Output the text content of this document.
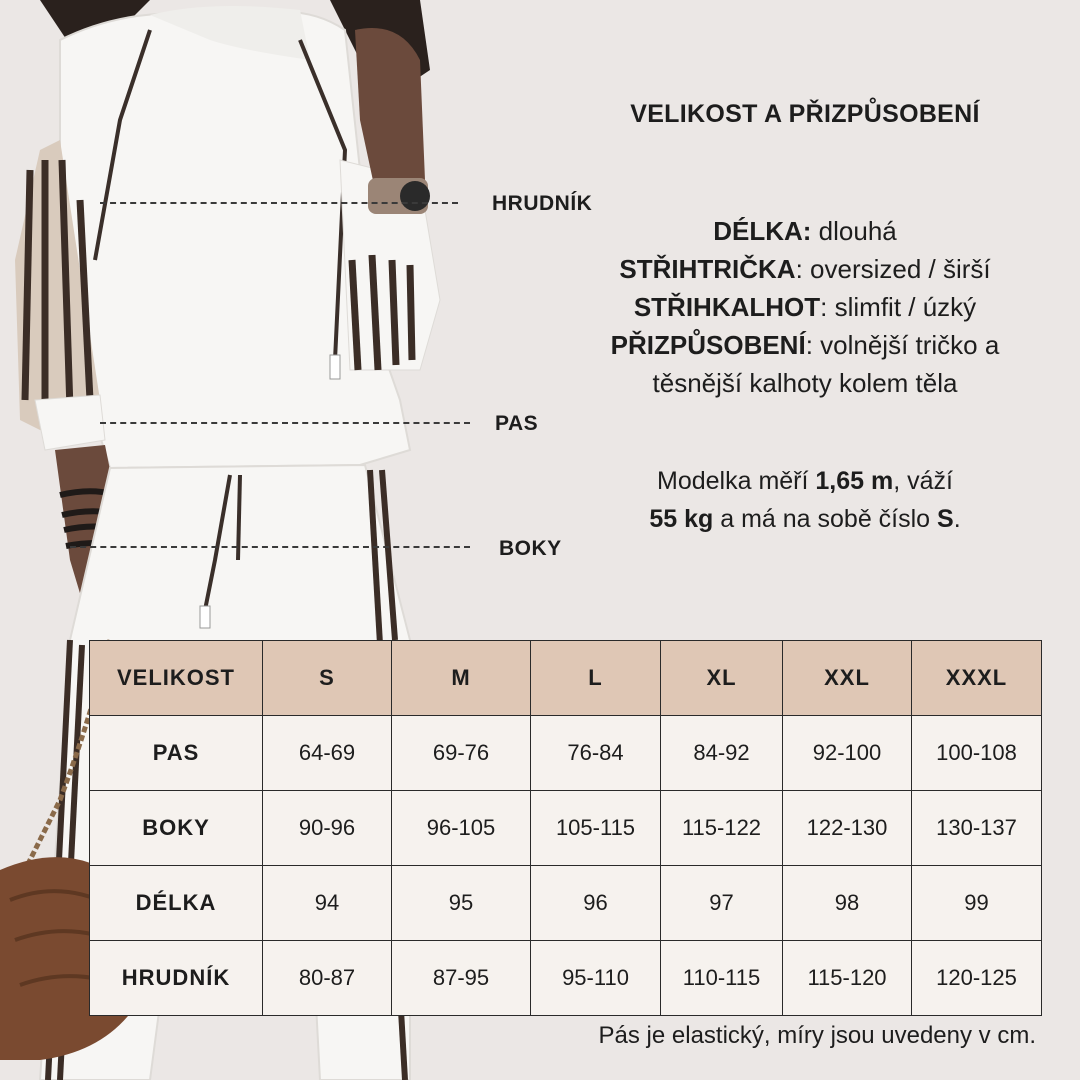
HRUDNÍK
PAS
BOKY
VELIKOST A PŘIZPŮSOBENÍ
DÉLKA: dlouhá
STŘIHTRIČKA: oversized / širší
STŘIHKALHOT: slimfit / úzký
PŘIZPŮSOBENÍ: volnější tričko a
těsnější kalhoty kolem těla
Modelka měří 1,65 m, váží
55 kg a má na sobě číslo S.
VELIKOST	S	M	L	XL	XXL	XXXL
PAS	64-69	69-76	76-84	84-92	92-100	100-108
BOKY	90-96	96-105	105-115	115-122	122-130	130-137
DÉLKA	94	95	96	97	98	99
HRUDNÍK	80-87	87-95	95-110	110-115	115-120	120-125
Pás je elastický, míry jsou uvedeny v cm.
